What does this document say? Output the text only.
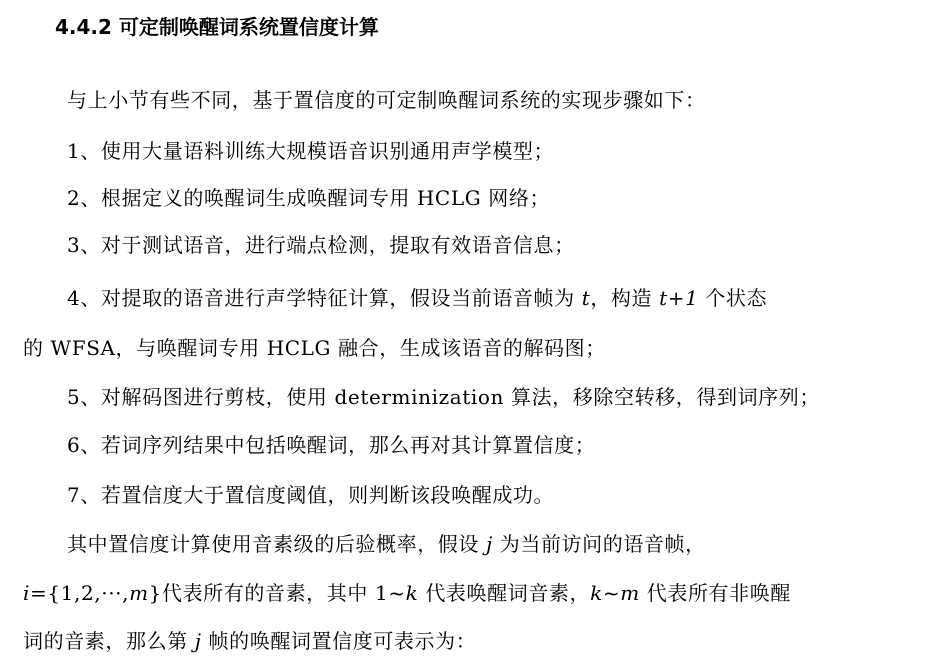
4.4.2 可定制唤醒词系统置信度计算
与上小节有些不同，基于置信度的可定制唤醒词系统的实现步骤如下：
1、使用大量语料训练大规模语音识别通用声学模型；
2、根据定义的唤醒词生成唤醒词专用 HCLG 网络；
3、对于测试语音，进行端点检测，提取有效语音信息；
4、对提取的语音进行声学特征计算，假设当前语音帧为 t，构造 t+1 个状态
的 WFSA，与唤醒词专用 HCLG 融合，生成该语音的解码图；
5、对解码图进行剪枝，使用 determinization 算法，移除空转移，得到词序列；
6、若词序列结果中包括唤醒词，那么再对其计算置信度；
7、若置信度大于置信度阈值，则判断该段唤醒成功。
其中置信度计算使用音素级的后验概率，假设 j 为当前访问的语音帧，
i={1,2,···,m}代表所有的音素，其中 1~k 代表唤醒词音素，k~m 代表所有非唤醒
词的音素，那么第 j 帧的唤醒词置信度可表示为：
